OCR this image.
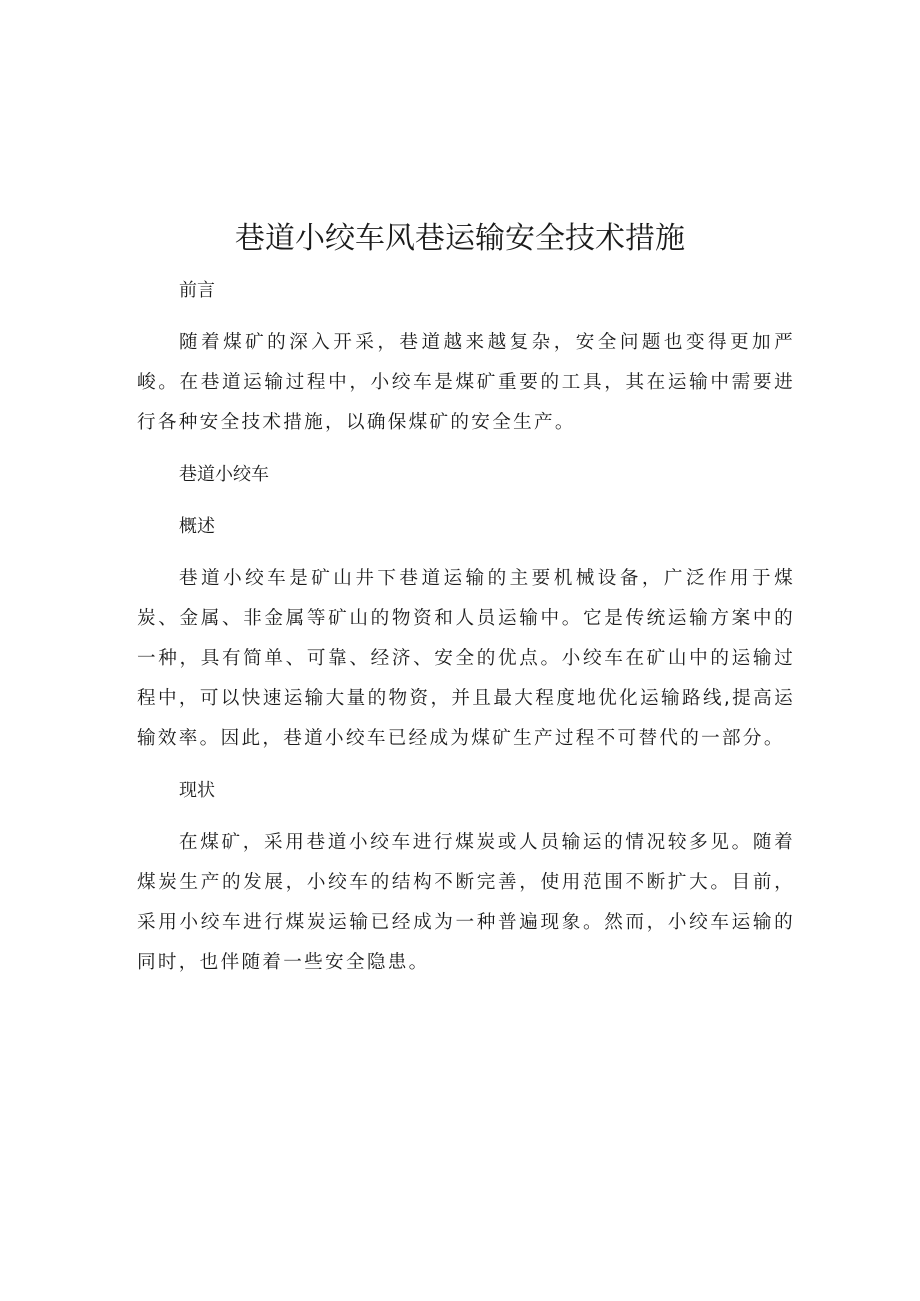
巷道小绞车风巷运输安全技术措施

前言

随着煤矿的深入开采，巷道越来越复杂，安全问题也变得更加严峻。在巷道运输过程中，小绞车是煤矿重要的工具，其在运输中需要进行各种安全技术措施，以确保煤矿的安全生产。

巷道小绞车

概述

巷道小绞车是矿山井下巷道运输的主要机械设备，广泛作用于煤炭、金属、非金属等矿山的物资和人员运输中。它是传统运输方案中的一种，具有简单、可靠、经济、安全的优点。小绞车在矿山中的运输过程中，可以快速运输大量的物资，并且最大程度地优化运输路线,提高运输效率。因此，巷道小绞车已经成为煤矿生产过程不可替代的一部分。

现状

在煤矿，采用巷道小绞车进行煤炭或人员输运的情况较多见。随着煤炭生产的发展，小绞车的结构不断完善，使用范围不断扩大。目前，采用小绞车进行煤炭运输已经成为一种普遍现象。然而，小绞车运输的同时，也伴随着一些安全隐患。
